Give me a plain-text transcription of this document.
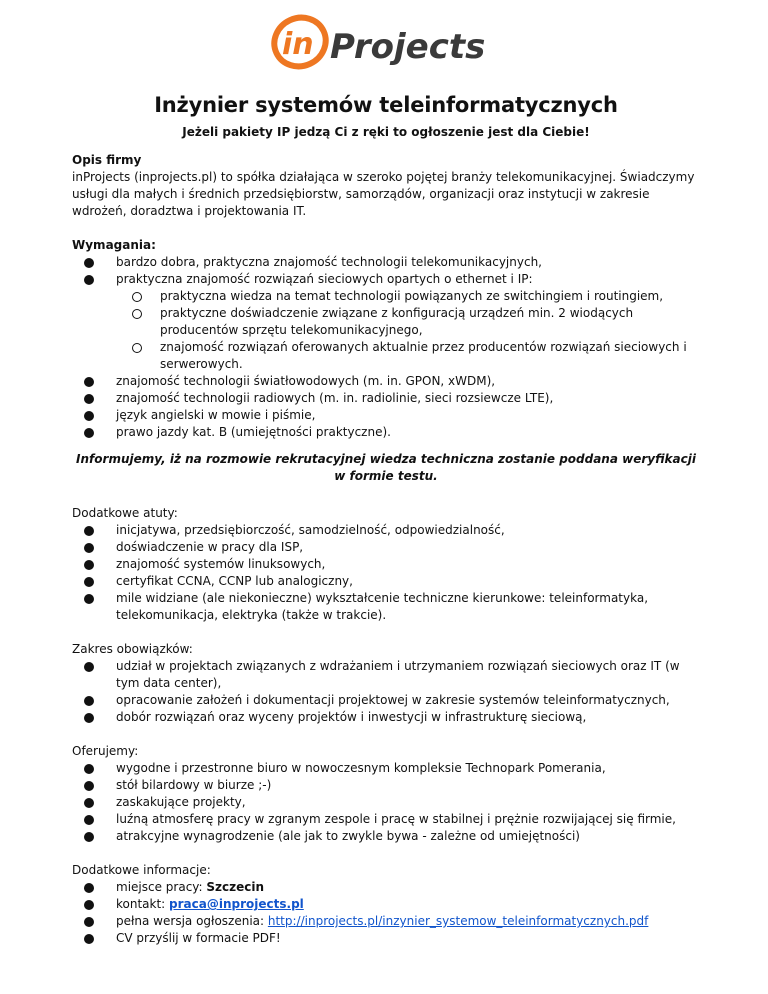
in Projects
Inżynier systemów teleinformatycznych
Jeżeli pakiety IP jedzą Ci z ręki to ogłoszenie jest dla Ciebie!

Opis firmy

inProjects (inprojects.pl) to spółka działająca w szeroko pojętej branży telekomunikacyjnej. Świadczymy usługi dla małych i średnich przedsiębiorstw, samorządów, organizacji oraz instytucji w zakresie wdrożeń, doradztwa i projektowania IT.

Wymagania:

bardzo dobra, praktyczna znajomość technologii telekomunikacyjnych,
praktyczna znajomość rozwiązań sieciowych opartych o ethernet i IP:
praktyczna wiedza na temat technologii powiązanych ze switchingiem i routingiem,
praktyczne doświadczenie związane z konfiguracją urządzeń min. 2 wiodących producentów sprzętu telekomunikacyjnego,
znajomość rozwiązań oferowanych aktualnie przez producentów rozwiązań sieciowych i serwerowych.
znajomość technologii światłowodowych (m. in. GPON, xWDM),
znajomość technologii radiowych (m. in. radiolinie, sieci rozsiewcze LTE),
język angielski w mowie i piśmie,
prawo jazdy kat. B (umiejętności praktyczne).

Informujemy, iż na rozmowie rekrutacyjnej wiedza techniczna zostanie poddana weryfikacji w formie testu.

Dodatkowe atuty:

inicjatywa, przedsiębiorczość, samodzielność, odpowiedzialność,
doświadczenie w pracy dla ISP,
znajomość systemów linuksowych,
certyfikat CCNA, CCNP lub analogiczny,
mile widziane (ale niekonieczne) wykształcenie techniczne kierunkowe: teleinformatyka, telekomunikacja, elektryka (także w trakcie).

Zakres obowiązków:

udział w projektach związanych z wdrażaniem i utrzymaniem rozwiązań sieciowych oraz IT (w tym data center),
opracowanie założeń i dokumentacji projektowej w zakresie systemów teleinformatycznych,
dobór rozwiązań oraz wyceny projektów i inwestycji w infrastrukturę sieciową,

Oferujemy:

wygodne i przestronne biuro w nowoczesnym kompleksie Technopark Pomerania,
stół bilardowy w biurze ;-)
zaskakujące projekty,
luźną atmosferę pracy w zgranym zespole i pracę w stabilnej i prężnie rozwijającej się firmie,
atrakcyjne wynagrodzenie (ale jak to zwykle bywa - zależne od umiejętności)

Dodatkowe informacje:

miejsce pracy: Szczecin
kontakt: praca@inprojects.pl
pełna wersja ogłoszenia: http://inprojects.pl/inzynier_systemow_teleinformatycznych.pdf
CV przyślij w formacie PDF!
